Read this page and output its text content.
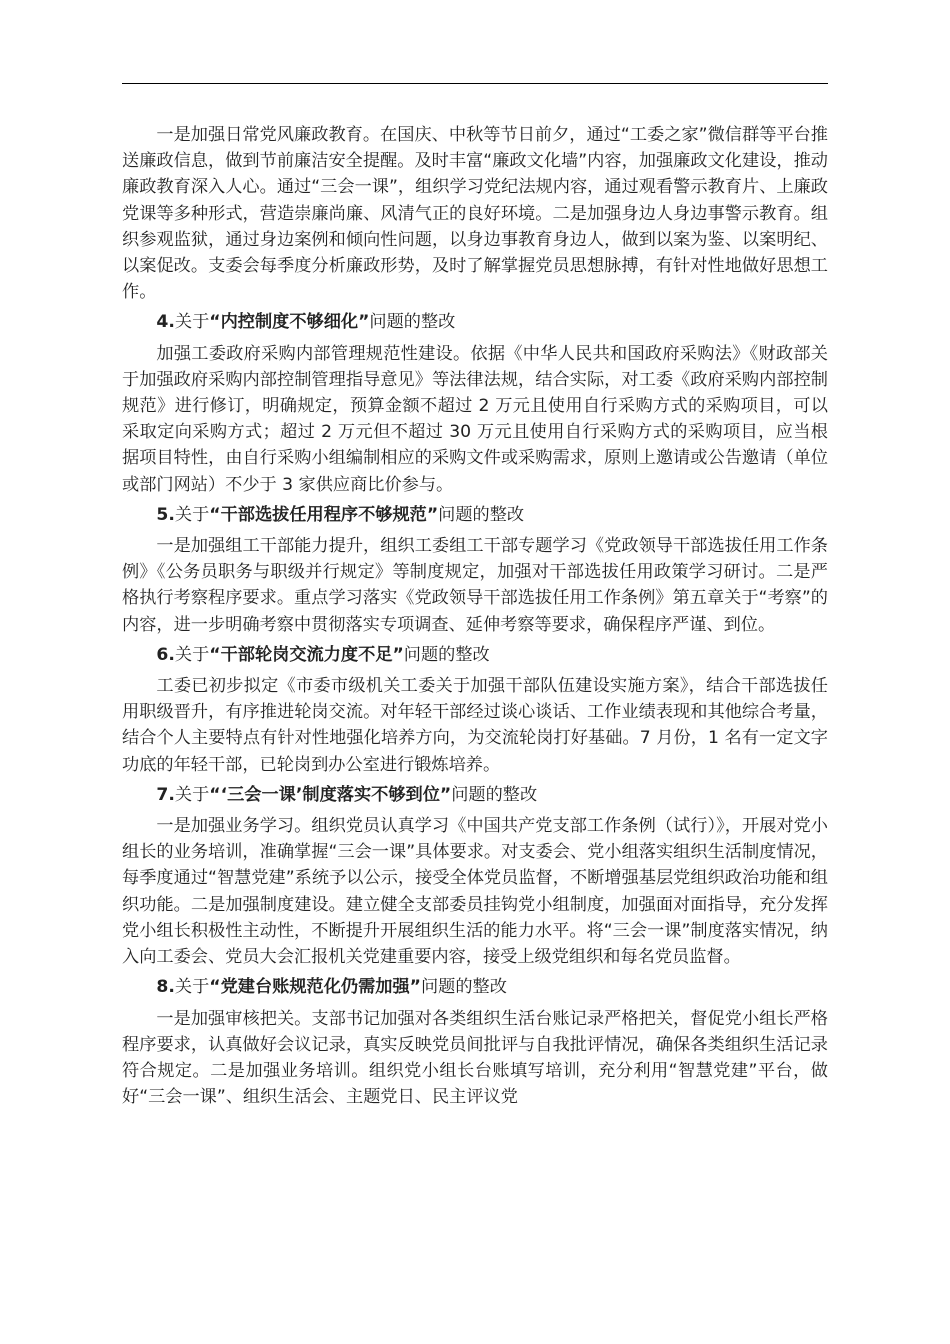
一是加强日常党风廉政教育。在国庆、中秋等节日前夕，通过“工委之家”微信群等平台推送廉政信息，做到节前廉洁安全提醒。及时丰富“廉政文化墙”内容，加强廉政文化建设，推动廉政教育深入人心。通过“三会一课”，组织学习党纪法规内容，通过观看警示教育片、上廉政党课等多种形式，营造崇廉尚廉、风清气正的良好环境。二是加强身边人身边事警示教育。组织参观监狱，通过身边案例和倾向性问题，以身边事教育身边人，做到以案为鉴、以案明纪、以案促改。支委会每季度分析廉政形势，及时了解掌握党员思想脉搏，有针对性地做好思想工作。

4.关于“内控制度不够细化”问题的整改

加强工委政府采购内部管理规范性建设。依据《中华人民共和国政府采购法》《财政部关于加强政府采购内部控制管理指导意见》等法律法规，结合实际，对工委《政府采购内部控制规范》进行修订，明确规定，预算金额不超过 2 万元且使用自行采购方式的采购项目，可以采取定向采购方式；超过 2 万元但不超过 30 万元且使用自行采购方式的采购项目，应当根据项目特性，由自行采购小组编制相应的采购文件或采购需求，原则上邀请或公告邀请（单位或部门网站）不少于 3 家供应商比价参与。

5.关于“干部选拔任用程序不够规范”问题的整改

一是加强组工干部能力提升，组织工委组工干部专题学习《党政领导干部选拔任用工作条例》《公务员职务与职级并行规定》等制度规定，加强对干部选拔任用政策学习研讨。二是严格执行考察程序要求。重点学习落实《党政领导干部选拔任用工作条例》第五章关于“考察”的内容，进一步明确考察中贯彻落实专项调查、延伸考察等要求，确保程序严谨、到位。

6.关于“干部轮岗交流力度不足”问题的整改

工委已初步拟定《市委市级机关工委关于加强干部队伍建设实施方案》，结合干部选拔任用职级晋升，有序推进轮岗交流。对年轻干部经过谈心谈话、工作业绩表现和其他综合考量，结合个人主要特点有针对性地强化培养方向，为交流轮岗打好基础。7 月份，1 名有一定文字功底的年轻干部，已轮岗到办公室进行锻炼培养。

7.关于“‘三会一课’制度落实不够到位”问题的整改

一是加强业务学习。组织党员认真学习《中国共产党支部工作条例（试行）》，开展对党小组长的业务培训，准确掌握“三会一课”具体要求。对支委会、党小组落实组织生活制度情况，每季度通过“智慧党建”系统予以公示，接受全体党员监督，不断增强基层党组织政治功能和组织功能。二是加强制度建设。建立健全支部委员挂钩党小组制度，加强面对面指导，充分发挥党小组长积极性主动性，不断提升开展组织生活的能力水平。将“三会一课”制度落实情况，纳入向工委会、党员大会汇报机关党建重要内容，接受上级党组织和每名党员监督。

8.关于“党建台账规范化仍需加强”问题的整改

一是加强审核把关。支部书记加强对各类组织生活台账记录严格把关，督促党小组长严格程序要求，认真做好会议记录，真实反映党员间批评与自我批评情况，确保各类组织生活记录符合规定。二是加强业务培训。组织党小组长台账填写培训，充分利用“智慧党建”平台，做好“三会一课”、组织生活会、主题党日、民主评议党
